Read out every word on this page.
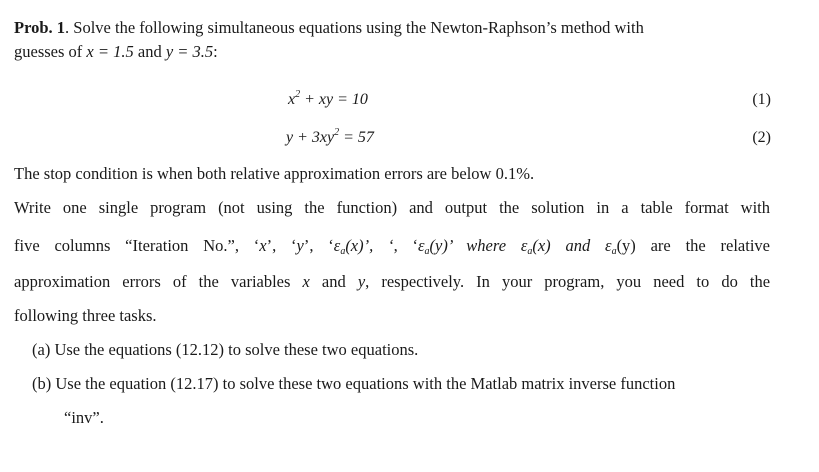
Prob. 1. Solve the following simultaneous equations using the Newton-Raphson’s method with
guesses of x = 1.5 and y = 3.5:
$x^2$ + xy = 10	(1)
$y + 3xy^2 = 57$	(2)
The stop condition is when both relative approximation errors are below 0.1%.
Write one single program (not using the function) and output the solution in a table format with
five columns “Iteration No.”, ‘x’, ‘y’, ‘$\varepsilon_a(x)$’, ‘, ‘$\varepsilon_a(y)$’ where $\varepsilon_a(x)$ and $\varepsilon_a(y)$ are the relative
approximation errors of the variables x and y, respectively. In your program, you need to do the
following three tasks.
(a) Use the equations (12.12) to solve these two equations.
(b) Use the equation (12.17) to solve these two equations with the Matlab matrix inverse function
“inv”.
